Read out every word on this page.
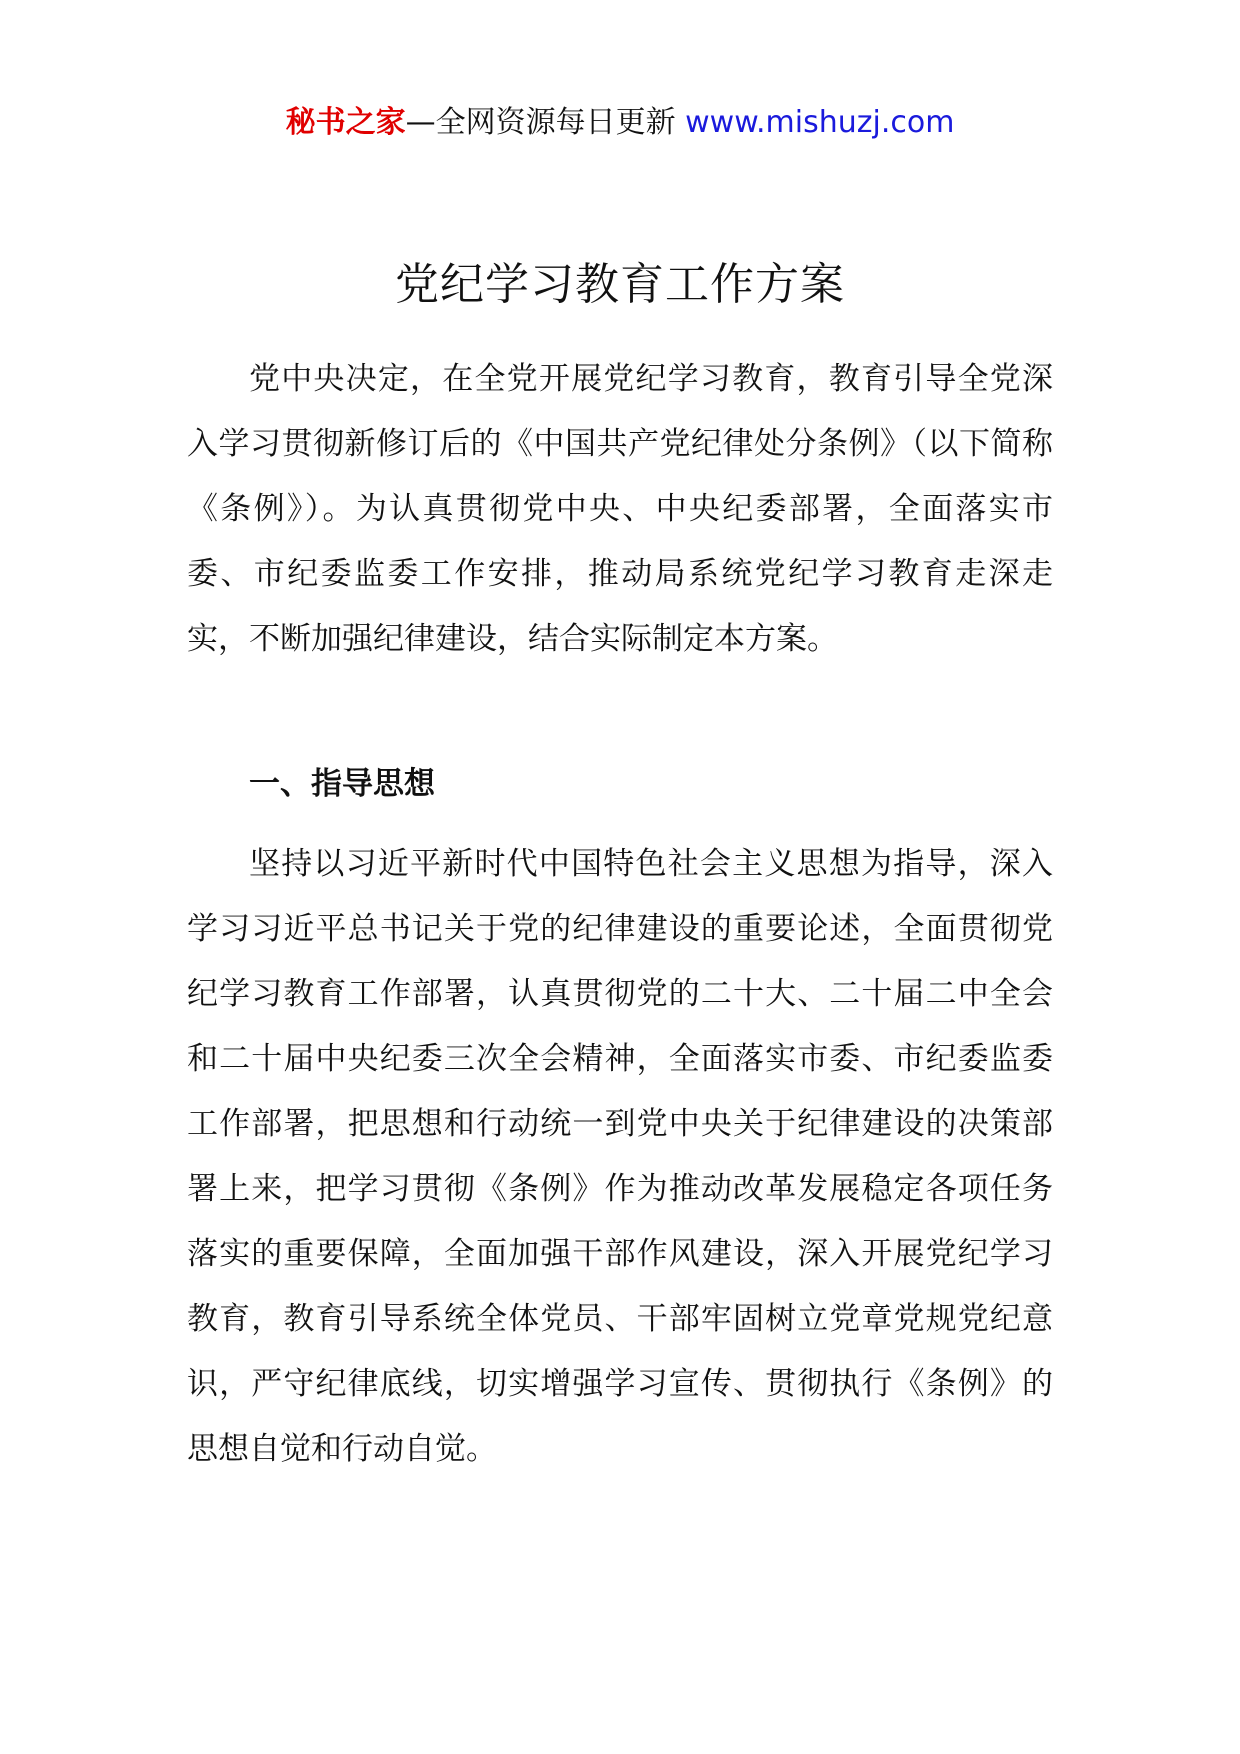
秘书之家—全网资源每日更新 www.mishuzj.com
党纪学习教育工作方案

党中央决定，在全党开展党纪学习教育，教育引导全党深入学习贯彻新修订后的《中国共产党纪律处分条例》（以下简称《条例》）。为认真贯彻党中央、中央纪委部署，全面落实市委、市纪委监委工作安排，推动局系统党纪学习教育走深走实，不断加强纪律建设，结合实际制定本方案。

一、指导思想

坚持以习近平新时代中国特色社会主义思想为指导，深入学习习近平总书记关于党的纪律建设的重要论述，全面贯彻党纪学习教育工作部署，认真贯彻党的二十大、二十届二中全会和二十届中央纪委三次全会精神，全面落实市委、市纪委监委工作部署，把思想和行动统一到党中央关于纪律建设的决策部署上来，把学习贯彻《条例》作为推动改革发展稳定各项任务落实的重要保障，全面加强干部作风建设，深入开展党纪学习教育，教育引导系统全体党员、干部牢固树立党章党规党纪意识，严守纪律底线，切实增强学习宣传、贯彻执行《条例》的思想自觉和行动自觉。
